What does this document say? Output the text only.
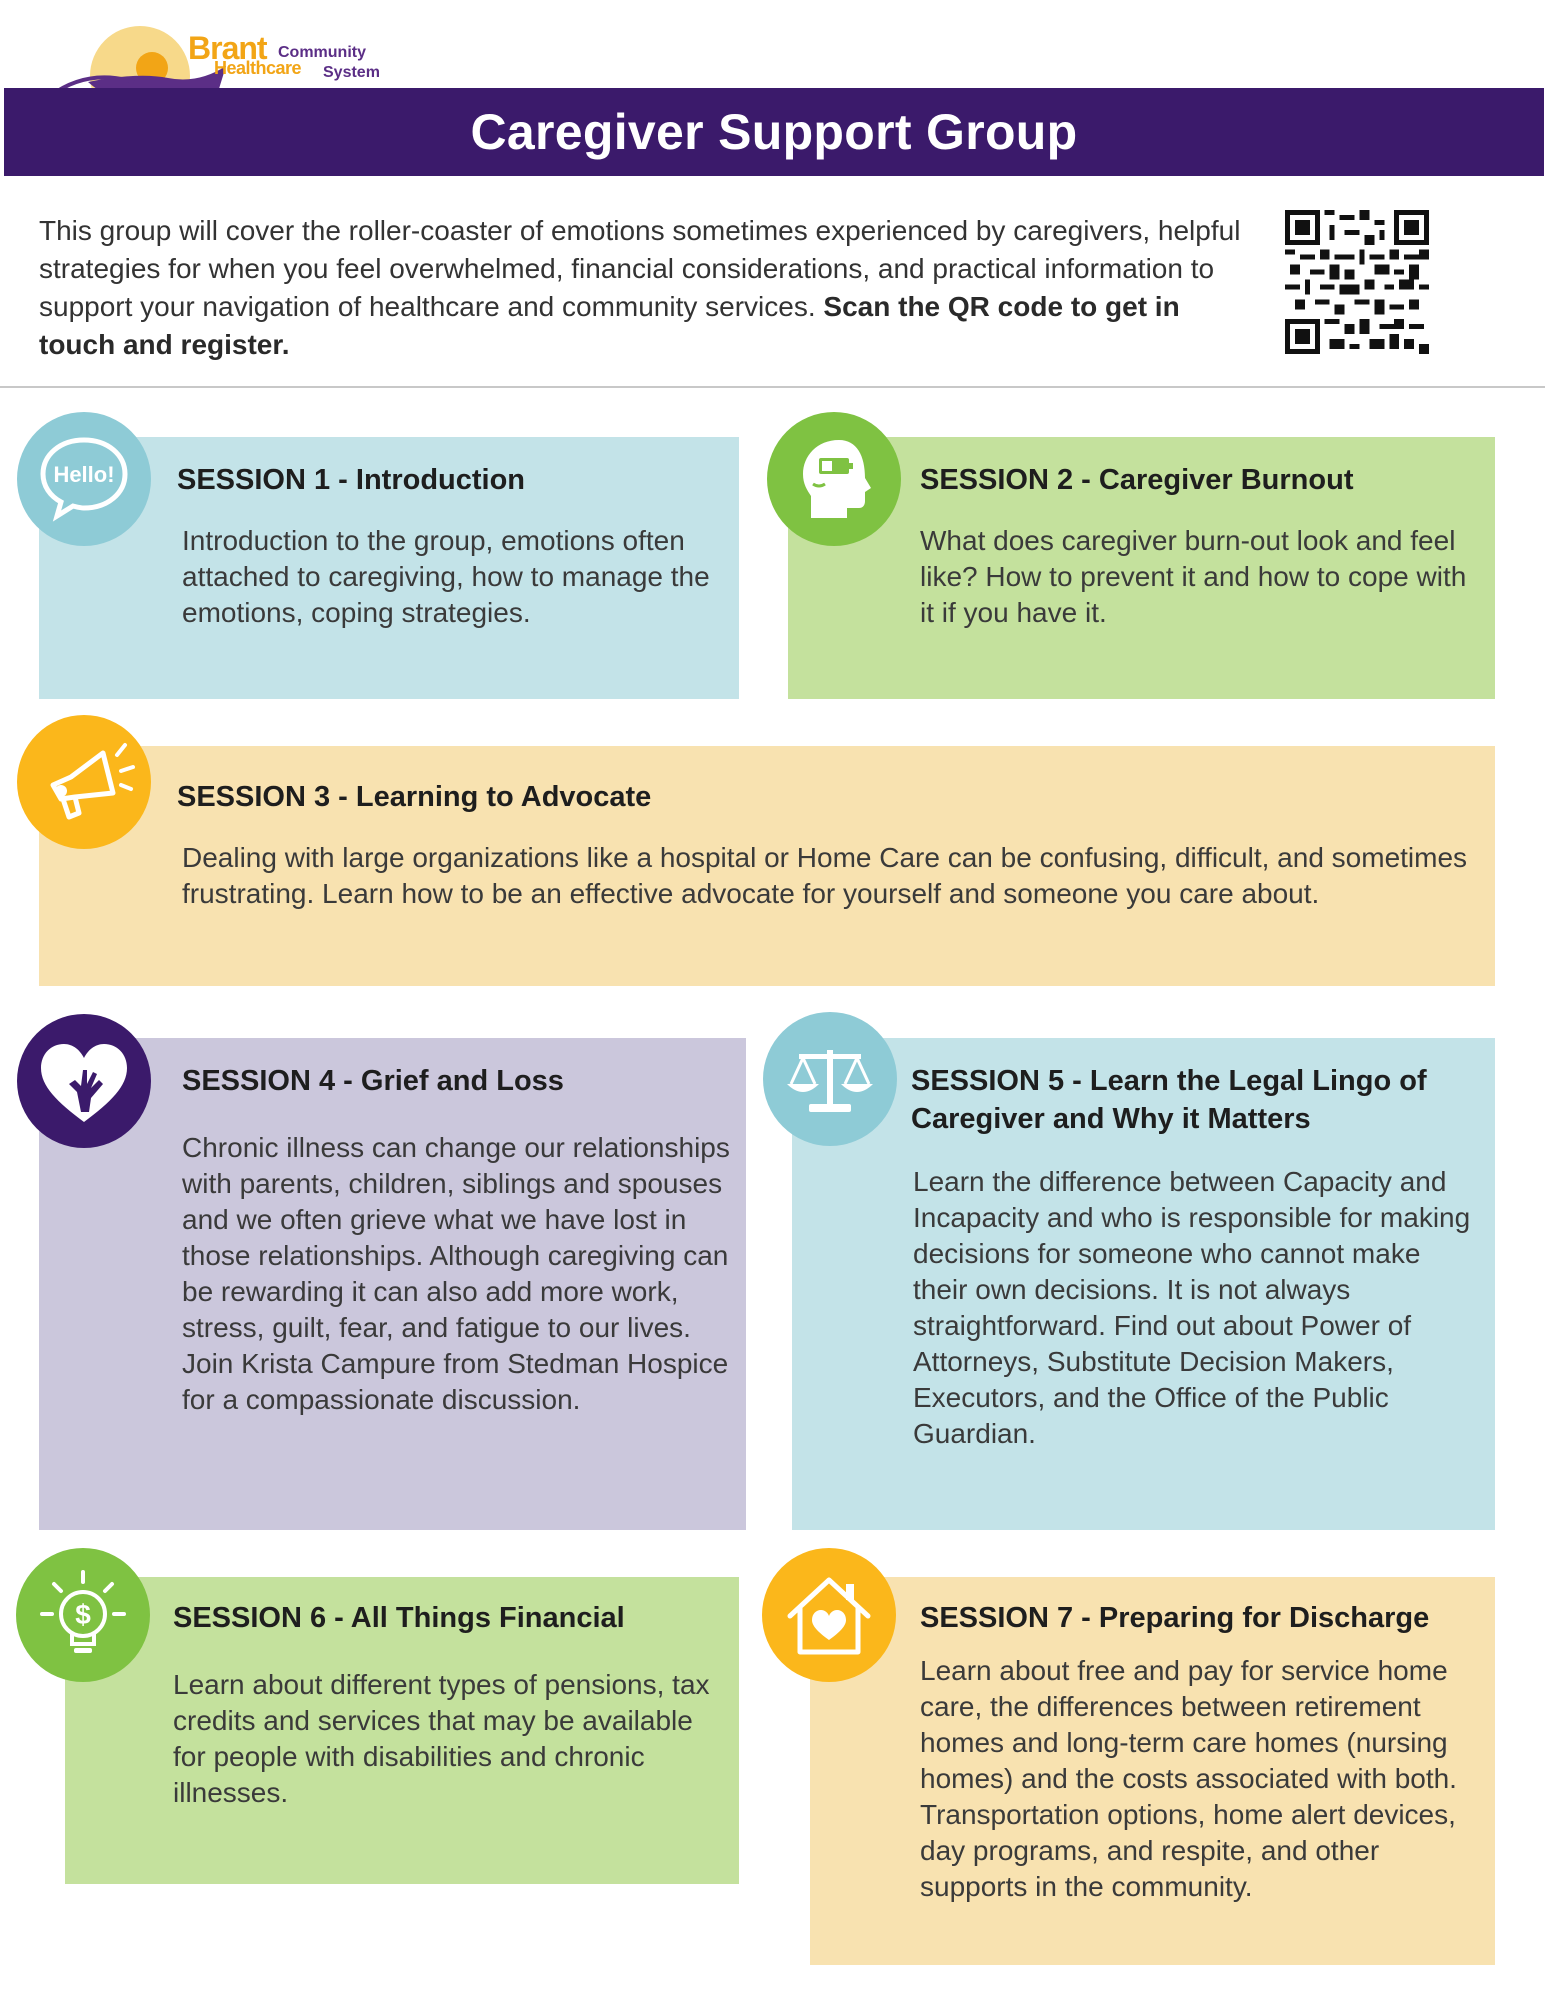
Brant Community
Healthcare System
Caregiver Support Group
This group will cover the roller-coaster of emotions sometimes experienced by caregivers, helpful strategies for when you feel overwhelmed, financial considerations, and practical information to support your navigation of healthcare and community services. Scan the QR code to get in touch and register.
SESSION 1 - Introduction
Introduction to the group, emotions often attached to caregiving, how to manage the emotions, coping strategies.
Hello!	SESSION 2 - Caregiver Burnout
What does caregiver burn-out look and feel like? How to prevent it and how to cope with it if you have it.
SESSION 3 - Learning to Advocate
Dealing with large organizations like a hospital or Home Care can be confusing, difficult, and sometimes frustrating. Learn how to be an effective advocate for yourself and someone you care about.
SESSION 4 - Grief and Loss
Chronic illness can change our relationships with parents, children, siblings and spouses and we often grieve what we have lost in those relationships. Although caregiving can be rewarding it can also add more work, stress, guilt, fear, and fatigue to our lives. Join Krista Campure from Stedman Hospice for a compassionate discussion.
SESSION 5 - Learn the Legal Lingo of Caregiver and Why it Matters
Learn the difference between Capacity and Incapacity and who is responsible for making decisions for someone who cannot make their own decisions. It is not always straightforward. Find out about Power of Attorneys, Substitute Decision Makers, Executors, and the Office of the Public Guardian.
SESSION 6 - All Things Financial
Learn about different types of pensions, tax credits and services that may be available for people with disabilities and chronic illnesses.
$	SESSION 7 - Preparing for Discharge
Learn about free and pay for service home care, the differences between retirement homes and long-term care homes (nursing homes) and the costs associated with both. Transportation options, home alert devices, day programs, and respite, and other supports in the community.
